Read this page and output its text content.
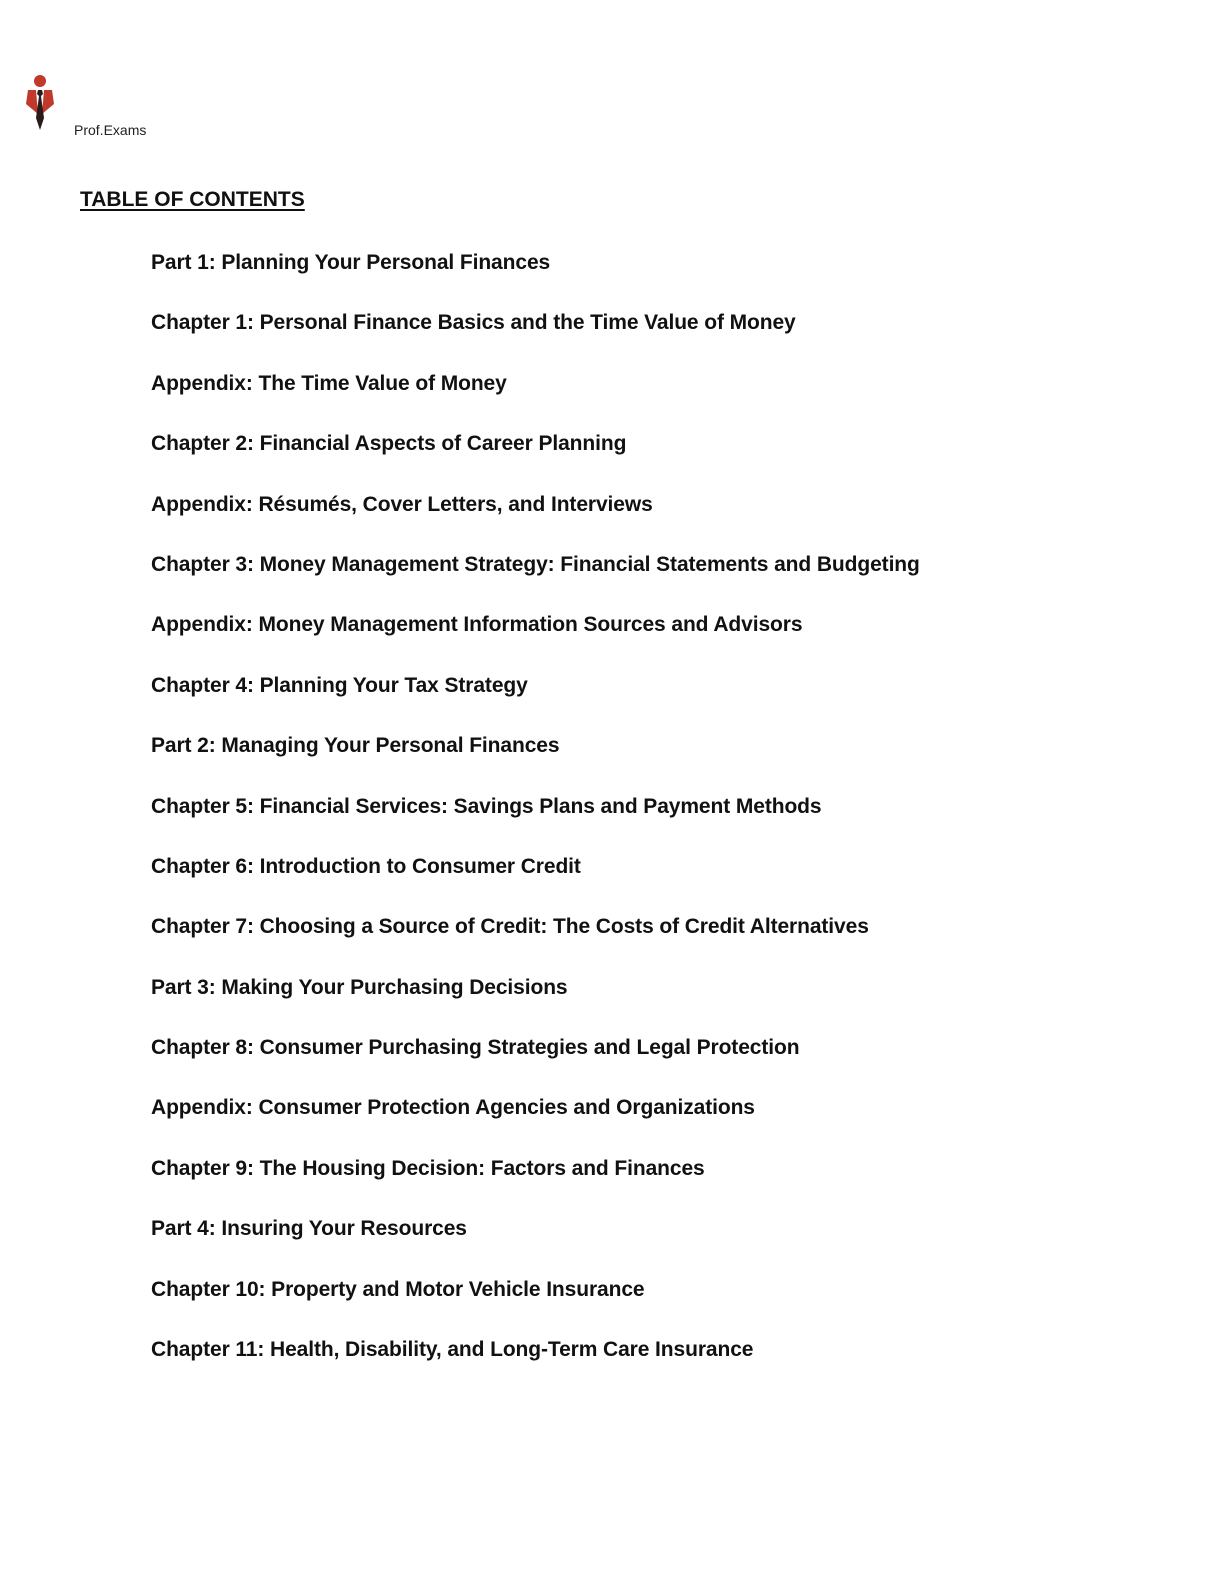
Prof.Exams
TABLE OF CONTENTS
Part 1: Planning Your Personal Finances
Chapter 1: Personal Finance Basics and the Time Value of Money
Appendix: The Time Value of Money
Chapter 2: Financial Aspects of Career Planning
Appendix: Résumés, Cover Letters, and Interviews
Chapter 3: Money Management Strategy: Financial Statements and Budgeting
Appendix: Money Management Information Sources and Advisors
Chapter 4: Planning Your Tax Strategy
Part 2: Managing Your Personal Finances
Chapter 5: Financial Services: Savings Plans and Payment Methods
Chapter 6: Introduction to Consumer Credit
Chapter 7: Choosing a Source of Credit: The Costs of Credit Alternatives
Part 3: Making Your Purchasing Decisions
Chapter 8: Consumer Purchasing Strategies and Legal Protection
Appendix: Consumer Protection Agencies and Organizations
Chapter 9: The Housing Decision: Factors and Finances
Part 4: Insuring Your Resources
Chapter 10: Property and Motor Vehicle Insurance
Chapter 11: Health, Disability, and Long-Term Care Insurance
